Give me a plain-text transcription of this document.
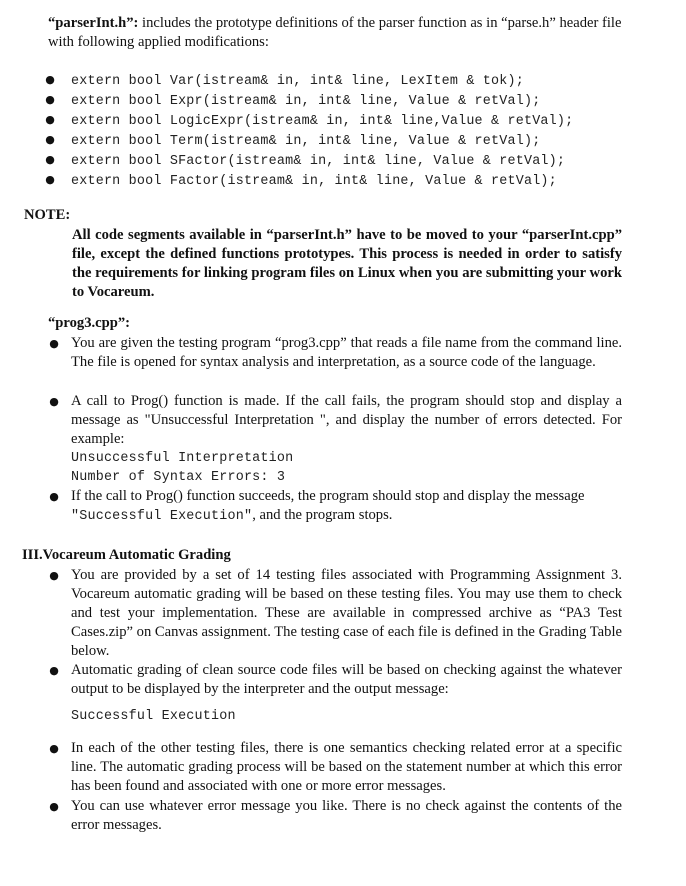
“parserInt.h”: includes the prototype definitions of the parser function as in “parse.h” header file with following applied modifications:
● extern bool Var(istream& in, int& line, LexItem & tok);
● extern bool Expr(istream& in, int& line, Value & retVal);
● extern bool LogicExpr(istream& in, int& line,Value & retVal);
● extern bool Term(istream& in, int& line, Value & retVal);
● extern bool SFactor(istream& in, int& line, Value & retVal);
● extern bool Factor(istream& in, int& line, Value & retVal);
NOTE:
All code segments available in “parserInt.h” have to be moved to your “parserInt.cpp” file, except the defined functions prototypes. This process is needed in order to satisfy the requirements for linking program files on Linux when you are submitting your work to Vocareum.
“prog3.cpp”:
● You are given the testing program “prog3.cpp” that reads a file name from the command line. The file is opened for syntax analysis and interpretation, as a source code of the language.
● A call to Prog() function is made. If the call fails, the program should stop and display a message as "Unsuccessful Interpretation ", and display the number of errors detected. For example:
Unsuccessful Interpretation
Number of Syntax Errors: 3
● If the call to Prog() function succeeds, the program should stop and display the message "Successful Execution", and the program stops.
III.Vocareum Automatic Grading
● You are provided by a set of 14 testing files associated with Programming Assignment 3. Vocareum automatic grading will be based on these testing files. You may use them to check and test your implementation. These are available in compressed archive as “PA3 Test Cases.zip” on Canvas assignment. The testing case of each file is defined in the Grading Table below.
● Automatic grading of clean source code files will be based on checking against the whatever output to be displayed by the interpreter and the output message:
Successful Execution
● In each of the other testing files, there is one semantics checking related error at a specific line. The automatic grading process will be based on the statement number at which this error has been found and associated with one or more error messages.
● You can use whatever error message you like. There is no check against the contents of the error messages.
